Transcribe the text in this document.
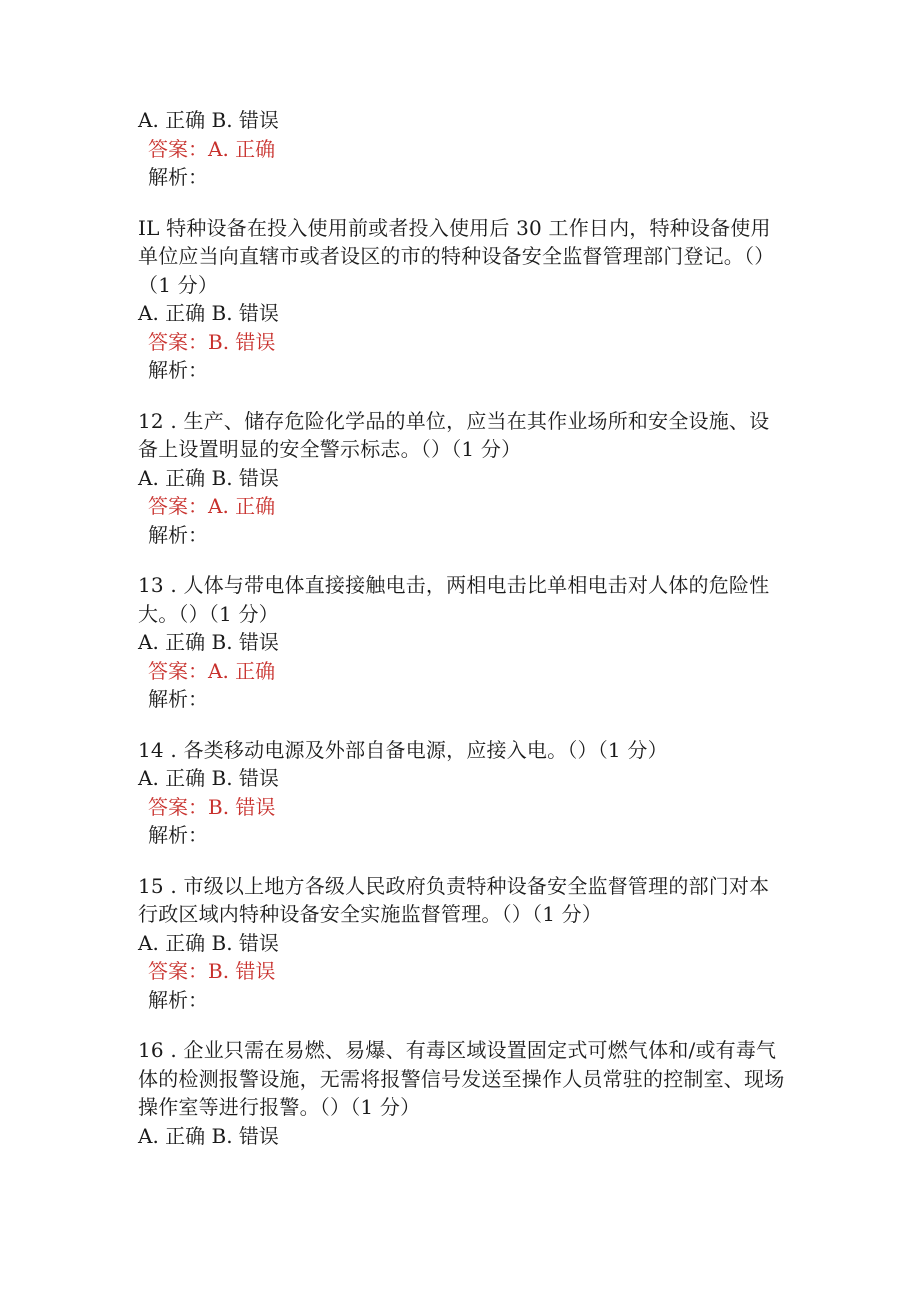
A. 正确 B. 错误
答案：A. 正确
解析：
IL 特种设备在投入使用前或者投入使用后 30 工作日内，特种设备使用单位应当向直辖市或者设区的市的特种设备安全监督管理部门登记。（）（1 分）
A. 正确 B. 错误
答案：B. 错误
解析：
12 . 生产、储存危险化学品的单位，应当在其作业场所和安全设施、设备上设置明显的安全警示标志。（）（1 分）
A. 正确 B. 错误
答案：A. 正确
解析：
13 . 人体与带电体直接接触电击，两相电击比单相电击对人体的危险性大。（）（1 分）
A. 正确 B. 错误
答案：A. 正确
解析：
14 . 各类移动电源及外部自备电源，应接入电。（）（1 分）
A. 正确 B. 错误
答案：B. 错误
解析：
15 . 市级以上地方各级人民政府负责特种设备安全监督管理的部门对本行政区域内特种设备安全实施监督管理。（）（1 分）
A. 正确 B. 错误
答案：B. 错误
解析：
16 . 企业只需在易燃、易爆、有毒区域设置固定式可燃气体和/或有毒气体的检测报警设施，无需将报警信号发送至操作人员常驻的控制室、现场操作室等进行报警。（）（1 分）
A. 正确 B. 错误
